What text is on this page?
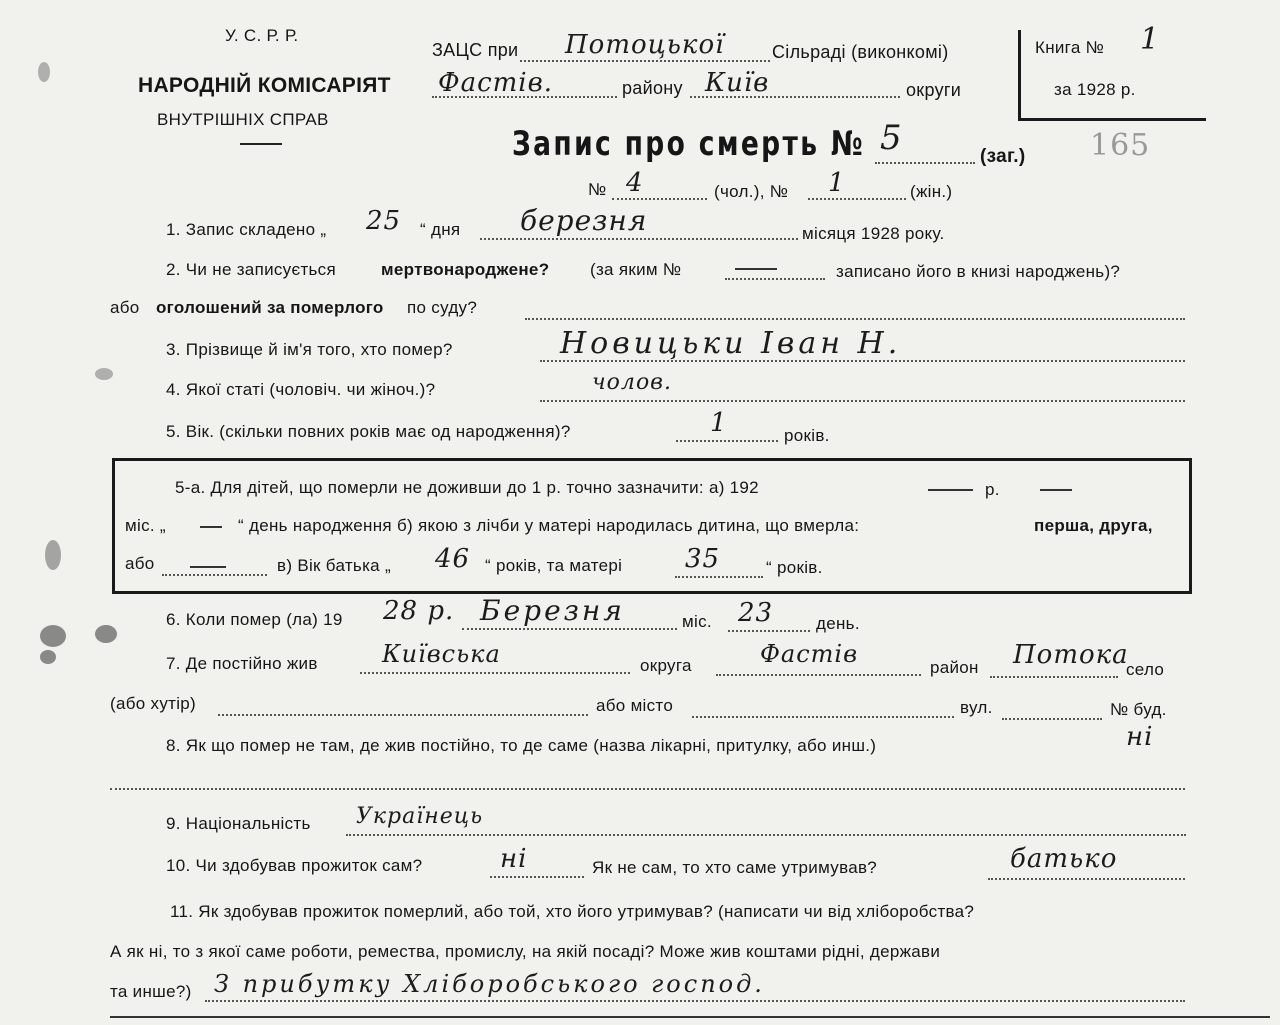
У. С. Р. Р.
НАРОДНІЙ КОМІСАРІЯТ
ВНУТРІШНІХ СПРАВ
ЗАЦС при Потоцької	Сільраді (виконкомі)
Фастів.	району Київ	округи
Книга № 1
за 1928 р.
165
Запис про смерть № 5	(заг.)
№ 4	(чол.), № 1	(жін.)
1. Запис складено „ 25 “ дня березня	місяця 1928 року.
2. Чи не записується	мертвонароджене? (за яким №	записано його в книзі народжень)?
або оголошений за померлого по суду?
3. Прізвище й ім'я того, хто помер?	Новицьки Іван Н.
4. Якої статі (чоловіч. чи жіноч.)?	чолов.
5. Вік. (скільки повних років має од народження)?	1	років.
5-а. Для дітей, що померли не доживши до 1 р. точно зазначити: а) 192	р.
міс. „	“ день народження б) якою з лічби у матері народилась дитина, що вмерла:	перша, друга,
або	в) Вік батька „ 46 “ років, та матері 35	“ років.
6. Коли помер (ла) 19 28 р. Березня	міс. 23	день.
7. Де постійно жив	Київська	округа	Фастів	район Потока
село
(або хутір)	або місто	вул.	№ буд.
8. Як що помер не там, де жив постійно, то де саме (назва лікарні, притулку, або инш.)	ні
9. Національність Українець
10. Чи здобував прожиток сам?	ні	Як не сам, то хто саме утримував?	батько
11. Як здобував прожиток померлий, або той, хто його утримував? (написати чи від хліборобства?
А як ні, то з якої саме роботи, ремества, промислу, на якій посаді? Може жив коштами рідні, держави
та инше?) З прибутку Хліборобського господ.
